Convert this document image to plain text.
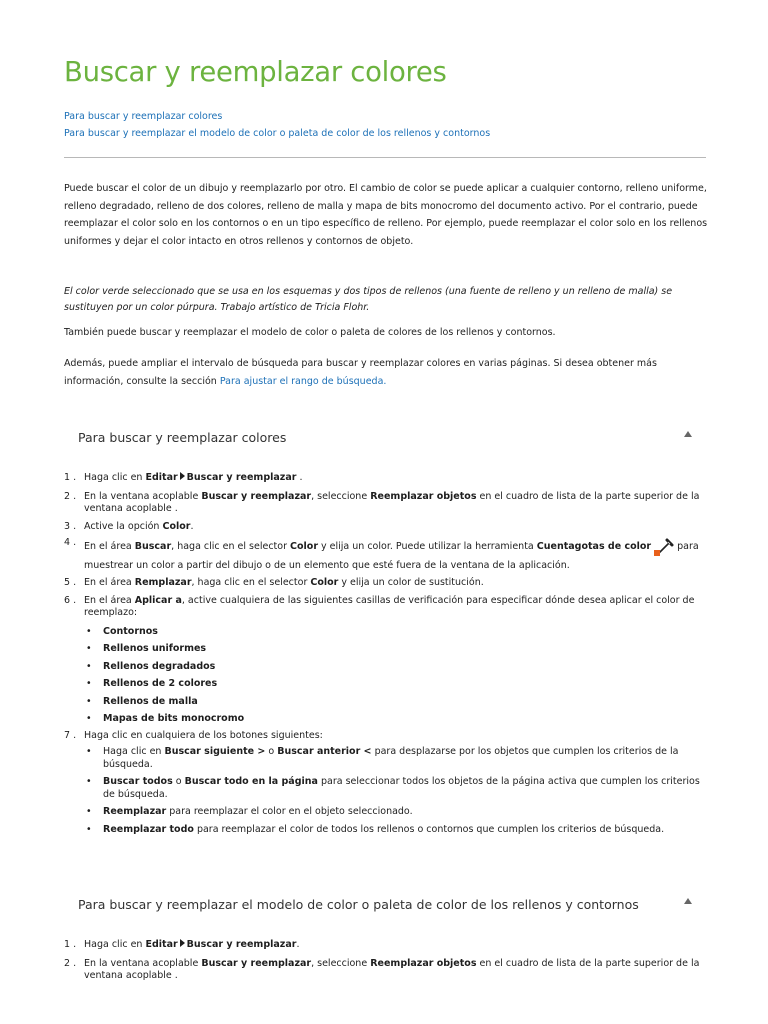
Buscar y reemplazar colores
Para buscar y reemplazar colores
Para buscar y reemplazar el modelo de color o paleta de color de los rellenos y contornos

Puede buscar el color de un dibujo y reemplazarlo por otro. El cambio de color se puede aplicar a cualquier contorno, relleno uniforme, relleno degradado, relleno de dos colores, relleno de malla y mapa de bits monocromo del documento activo. Por el contrario, puede reemplazar el color solo en los contornos o en un tipo específico de relleno. Por ejemplo, puede reemplazar el color solo en los rellenos uniformes y dejar el color intacto en otros rellenos y contornos de objeto.

El color verde seleccionado que se usa en los esquemas y dos tipos de rellenos (una fuente de relleno y un relleno de malla) se sustituyen por un color púrpura. Trabajo artístico de Tricia Flohr.

También puede buscar y reemplazar el modelo de color o paleta de colores de los rellenos y contornos.

Además, puede ampliar el intervalo de búsqueda para buscar y reemplazar colores en varias páginas. Si desea obtener más información, consulte la sección Para ajustar el rango de búsqueda.

Para buscar y reemplazar colores
1 . Haga clic en Editar Buscar y reemplazar .
2 . En la ventana acoplable Buscar y reemplazar, seleccione Reemplazar objetos en el cuadro de lista de la parte superior de la ventana acoplable .
3 . Active la opción Color.
4 . En el área Buscar, haga clic en el selector Color y elija un color. Puede utilizar la herramienta Cuentagotas de color	para muestrear un color a partir del dibujo o de un elemento que esté fuera de la ventana de la aplicación.
5 . En el área Remplazar, haga clic en el selector Color y elija un color de sustitución.
6 . En el área Aplicar a, active cualquiera de las siguientes casillas de verificación para especificar dónde desea aplicar el color de reemplazo:
• Contornos
• Rellenos uniformes
• Rellenos degradados
• Rellenos de 2 colores
• Rellenos de malla
• Mapas de bits monocromo
7 . Haga clic en cualquiera de los botones siguientes:
• Haga clic en Buscar siguiente > o Buscar anterior < para desplazarse por los objetos que cumplen los criterios de la búsqueda.
• Buscar todos o Buscar todo en la página para seleccionar todos los objetos de la página activa que cumplen los criterios de búsqueda.
• Reemplazar para reemplazar el color en el objeto seleccionado.
• Reemplazar todo para reemplazar el color de todos los rellenos o contornos que cumplen los criterios de búsqueda.
Para buscar y reemplazar el modelo de color o paleta de color de los rellenos y contornos
1 . Haga clic en Editar Buscar y reemplazar.
2 . En la ventana acoplable Buscar y reemplazar, seleccione Reemplazar objetos en el cuadro de lista de la parte superior de la ventana acoplable .
